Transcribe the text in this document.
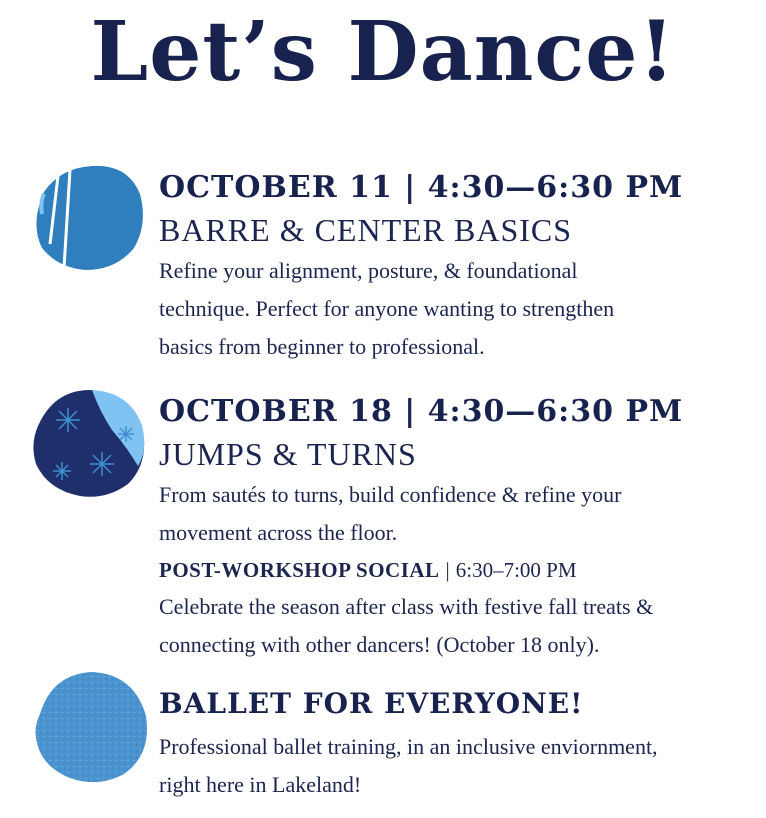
Let’s Dance!
OCTOBER 11 | 4:30—6:30 PM
BARRE & CENTER BASICS
Refine your alignment, posture, & foundational
technique. Perfect for anyone wanting to strengthen
basics from beginner to professional.
OCTOBER 18 | 4:30—6:30 PM
JUMPS & TURNS
From sautés to turns, build confidence & refine your
movement across the floor.
POST-WORKSHOP SOCIAL | 6:30–7:00 PM
Celebrate the season after class with festive fall treats &
connecting with other dancers! (October 18 only).
BALLET FOR EVERYONE!
Professional ballet training, in an inclusive enviornment,
right here in Lakeland!
